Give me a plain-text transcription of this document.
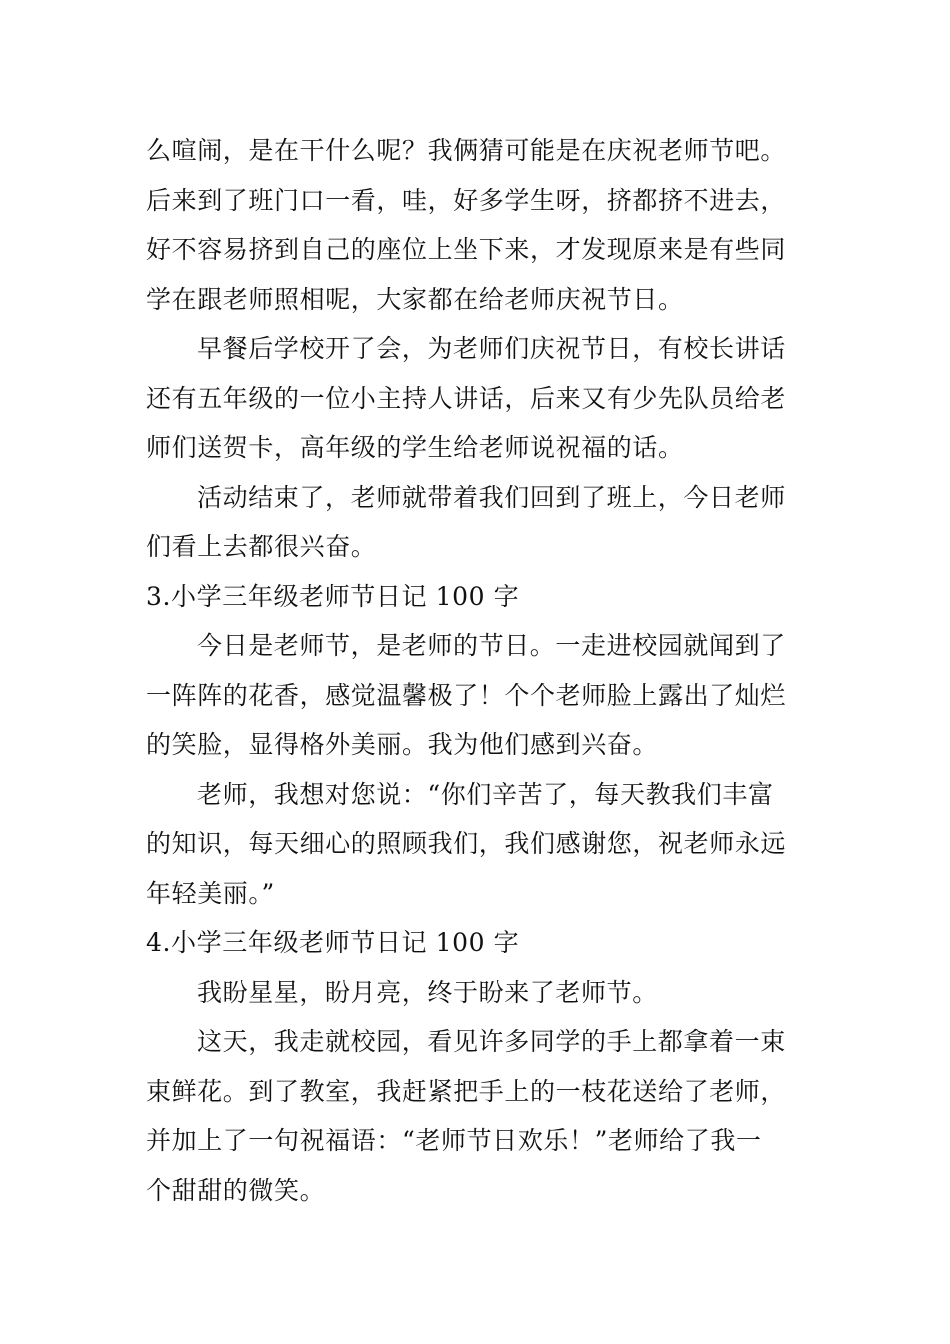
么喧闹，是在干什么呢？我俩猜可能是在庆祝老师节吧。
后来到了班门口一看，哇，好多学生呀，挤都挤不进去，
好不容易挤到自己的座位上坐下来，才发现原来是有些同
学在跟老师照相呢，大家都在给老师庆祝节日。
早餐后学校开了会，为老师们庆祝节日，有校长讲话
还有五年级的一位小主持人讲话，后来又有少先队员给老
师们送贺卡，高年级的学生给老师说祝福的话。
活动结束了，老师就带着我们回到了班上，今日老师
们看上去都很兴奋。
3.小学三年级老师节日记 100 字
今日是老师节，是老师的节日。一走进校园就闻到了
一阵阵的花香，感觉温馨极了！个个老师脸上露出了灿烂
的笑脸，显得格外美丽。我为他们感到兴奋。
老师，我想对您说：“你们辛苦了，每天教我们丰富
的知识，每天细心的照顾我们，我们感谢您，祝老师永远
年轻美丽。”
4.小学三年级老师节日记 100 字
我盼星星，盼月亮，终于盼来了老师节。
这天，我走就校园，看见许多同学的手上都拿着一束
束鲜花。到了教室，我赶紧把手上的一枝花送给了老师，
并加上了一句祝福语：“老师节日欢乐！”老师给了我一
个甜甜的微笑。
